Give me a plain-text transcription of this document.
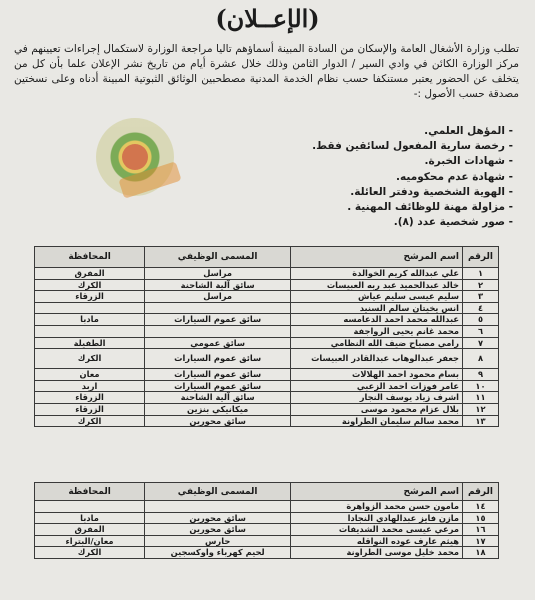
(الإعــلان)
تطلب وزارة الأشغال العامة والإسكان من السادة المبينة أسماؤهم تاليا مراجعة الوزارة لاستكمال إجراءات تعيينهم في مركز الوزارة الكائن في وادي السير / الدوار الثامن وذلك خلال عشرة أيام من تاريخ نشر الإعلان علما بأن كل من يتخلف عن الحضور يعتبر مستنكفا حسب نظام الخدمة المدنية مصطحبين الوثائق الثبوتية المبينة أدناه وعلى نسختين مصدقة حسب الأصول :-
- المؤهل العلمي.
- رخصة سارية المفعول لسائقين فقط.
- شهادات الخبرة.
- شهادة عدم محكوميه.
- الهوية الشخصية ودفتر العائلة.
- مزاولة مهنة للوظائف المهنية .
- صور شخصية عدد (٨).
الرقم	اسم المرشح	المسمى الوظيفي	المحافظة
١	علي عبدالله كريم الخوالدة	مراسل	المفرق
٢	خالد عبدالحميد عبد ربه العبيسات	سائق آلية الشاحنة	الكرك
٣	سليم عيسى سليم عياش	مراسل	الزرقاء
٤	انس يخيتان سالم السنيد		
٥	عبدالله محمد احمد الدعامسه	سائق عموم السيارات	مادبا
٦	محمد غانم يحيى الرواجفة		
٧	رامي مصباح ضيف الله النظامي	سائق عمومي	الطفيلة
٨	جعفر عبدالوهاب عبدالقادر العبيسات	سائق عموم السيارات	الكرك
٩	بسام محمود احمد الهلالات	سائق عموم السيارات	معان
١٠	عامر فوزات احمد الزعبي	سائق عموم السيارات	اربد
١١	اشرف زياد يوسف النجار	سائق آلية الشاحنة	الزرقاء
١٢	بلال عزام محمود موسى	ميكانيكي بنزين	الزرقاء
١٣	محمد سالم سليمان الطراونة	سائق محورين	الكرك
الرقم	اسم المرشح	المسمى الوظيفي	المحافظة
١٤	مامون حسن محمد الزواهرة		
١٥	مازن فايز عبدالهادي النجادا	سائق محورين	مادبا
١٦	مرعي عيسى محمد الشديفات	سائق محورين	المفرق
١٧	هيثم عارف عوده النواقله	حارس	معان/البتراء
١٨	محمد خليل موسى الطراونة	لحيم كهرباء واوكسجين	الكرك
